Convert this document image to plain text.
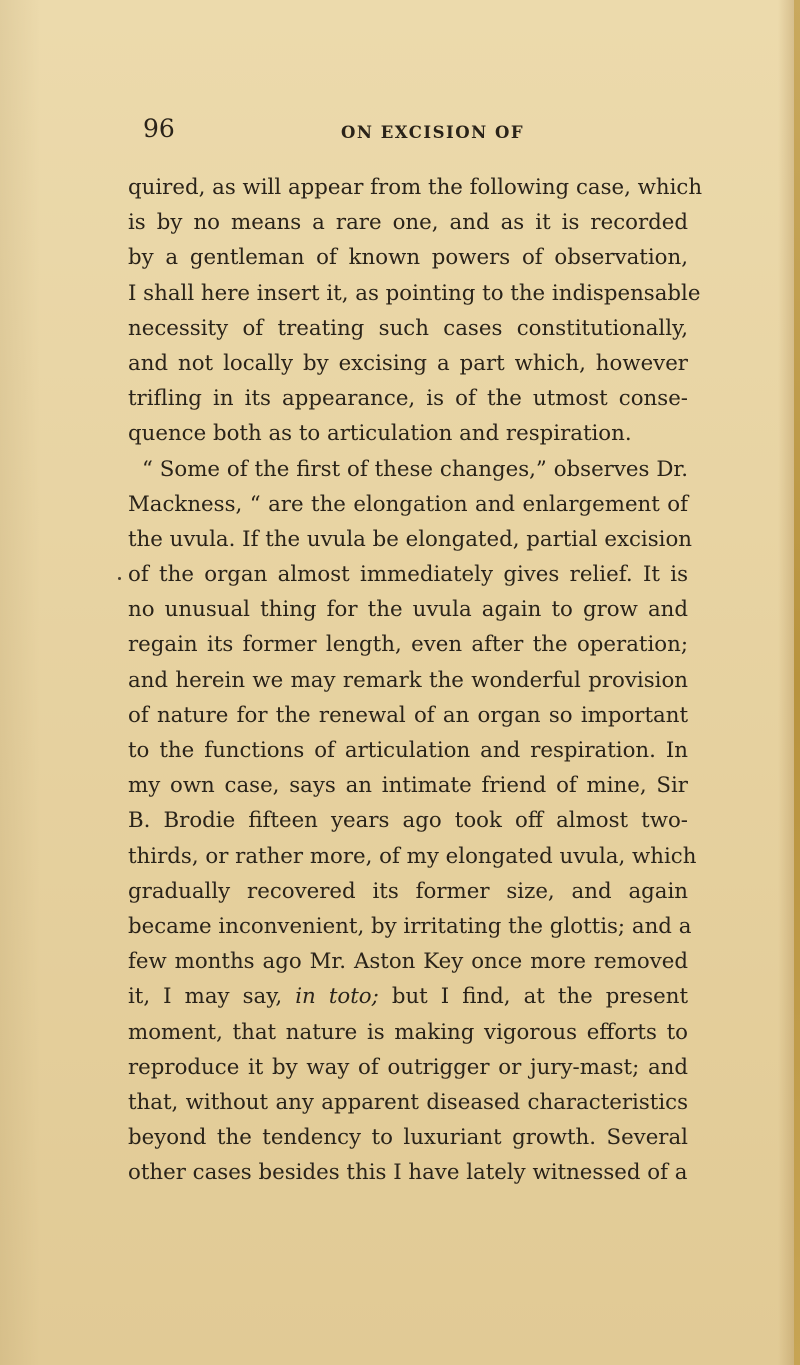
96	ON EXCISION OF
quired, as will appear from the following case, which
is by no means a rare one, and as it is recorded
by a gentleman of known powers of observation,
I shall here insert it, as pointing to the indispensable
necessity of treating such cases constitutionally,
and not locally by excising a part which, however
trifling in its appearance, is of the utmost conse-
quence both as to articulation and respiration.
“ Some of the first of these changes,” observes Dr.
Mackness, “ are the elongation and enlargement of
the uvula. If the uvula be elongated, partial excision
of the organ almost immediately gives relief. It is
no unusual thing for the uvula again to grow and
regain its former length, even after the operation;
and herein we may remark the wonderful provision
of nature for the renewal of an organ so important
to the functions of articulation and respiration. In
my own case, says an intimate friend of mine, Sir
B. Brodie fifteen years ago took off almost two-
thirds, or rather more, of my elongated uvula, which
gradually recovered its former size, and again
became inconvenient, by irritating the glottis; and a
few months ago Mr. Aston Key once more removed
it, I may say, in toto; but I find, at the present
moment, that nature is making vigorous efforts to
reproduce it by way of outrigger or jury-mast; and
that, without any apparent diseased characteristics
beyond the tendency to luxuriant growth. Several
other cases besides this I have lately witnessed of a
